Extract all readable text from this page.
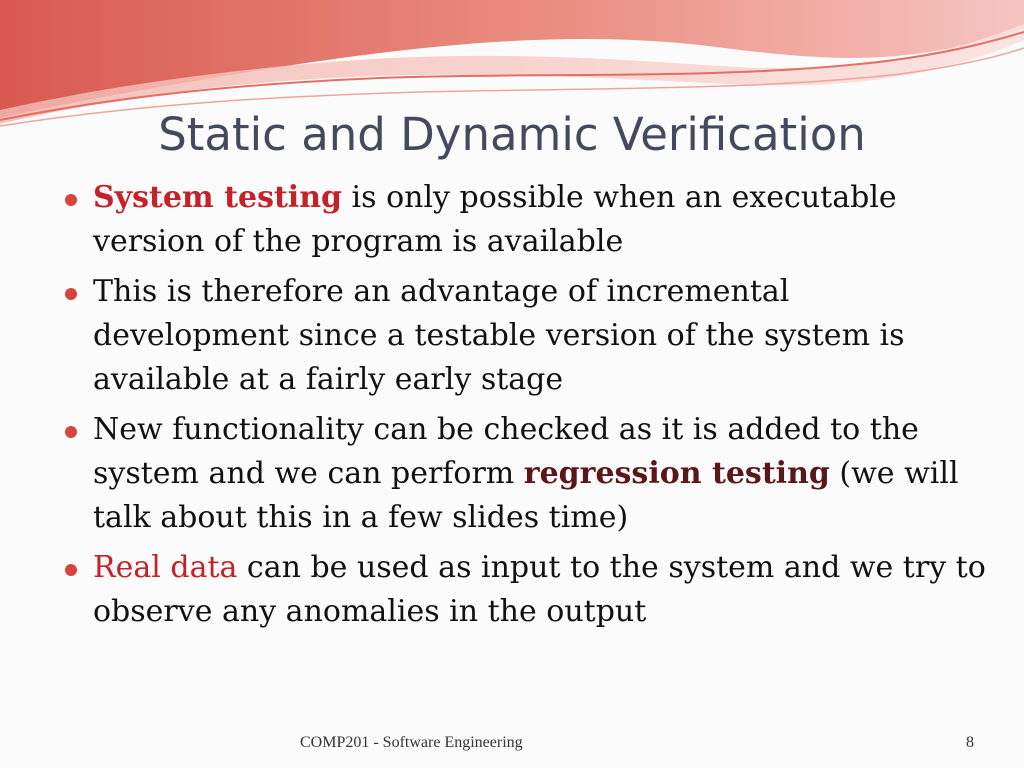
Static and Dynamic Verification
System testing is only possible when an executable version of the program is available
This is therefore an advantage of incremental development since a testable version of the system is available at a fairly early stage
New functionality can be checked as it is added to the system and we can perform regression testing (we will talk about this in a few slides time)
Real data can be used as input to the system and we try to observe any anomalies in the output
COMP201 - Software Engineering	8
